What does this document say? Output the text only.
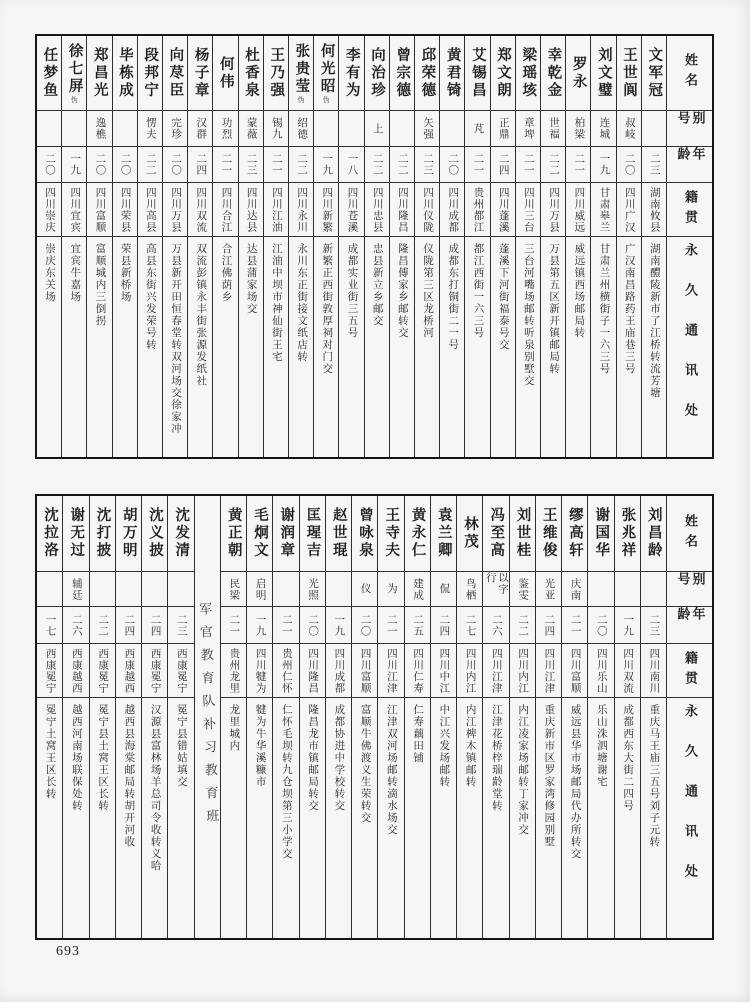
姓名
别号
年龄
籍贯
永久通讯处
文军冠
二三
湖南攸县
湖南醴陵新市了江桥转流芳塘
王世阆
叔岐
二〇
四川广汉
广汉南昌路药王庙巷三号
刘文璧
连城
一九
甘肃皋兰
甘肃兰州横街子一六三号
罗永
柏梁
二一
四川威远
威远镇西场邮局转
幸乾金
世福
二二
四川万县
万县第五区新开镇邮局转
梁瑶垓
章埤
二一
四川三台
三台河嘴场邮转听泉别墅交
郑文朗
正鼎
二四
四川蓬溪
蓬溪下河街福泰号交
艾锡昌
芃
二一
贵州都江
都江西街一六三号
黄君锜
二〇
四川成都
成都东打铜街二一号
邱荣德
矢强
二三
四川仪陇
仪陇第三区龙桥河
曾宗德
二二
四川隆昌
隆昌傅家乡邮转交
向治珍
上
二二
四川忠县
忠县新立乡邮交
李有为
一八
四川苍溪
成都实业街三五号
何光昭
伪
一九
四川新繁
新繁正西街敦厚祠对门交
张贵莹
伪
绍德
二二
四川永川
永川东正街接文纸店转
王乃强
锡九
二一
四川江油
江油中坝市神仙街王宅
杜香泉
蒙薇
二三
四川达县
达县蒲家场交
何伟
功烈
二一
四川合江
合江佛荫乡
杨子章
汉群
二四
四川双流
双流彭镇永丰街张源发纸社
向荩臣
完珍
二〇
四川万县
万县新开田恒春堂转双河场交徐家冲
段邦宁
愣夫
二二
四川高县
高县东街兴发荣号转
毕栋成
二〇
四川荣县
荣县新桥场
郑昌光
逸樵
二〇
四川富顺
富顺城内三倒拐
徐七屏
伪
一九
四川宜宾
宜宾牛嘉场
任梦鱼
二〇
四川崇庆
崇庆东关场
姓名
别号
年龄
籍贯
永久通讯处
刘昌龄
二三
四川南川
重庆马王庙三五号刘子元转
张兆祥
一九
四川双流
成都西东大街二四号
谢国华
二〇
四川乐山
乐山洙泗塘谢宅
缪高轩
庆南
二一
四川富顺
威远县华市场邮局代办所转交
王维俊
光亚
二四
四川江津
重庆新市区罗家湾修园别墅
刘世桂
鉴雯
二二
四川内江
内江凌家场邮转丁家冲交
冯至高
以字行
二六
四川江津
江津花桥梓瑞龄堂转
林茂
鸟栖
二七
四川内江
内江椑木镇邮转
袁兰卿
侃
二四
四川中江
中江兴发场邮转
黄永仁
建成
二五
四川仁寿
仁寿藕田铺
王寺夫
为
二一
四川江津
江津双河场邮转滴水场交
曾咏泉
仪
二〇
四川富顺
富顺牛佛渡义生荣转交
赵世琨
一九
四川成都
成都协进中学校转交
匡瑆吉
光照
二〇
四川隆昌
隆昌龙市镇邮局转交
谢润章
二一
贵州仁怀
仁怀毛坝转九仓坝第三小学交
毛炯文
启明
一九
四川犍为
犍为牛华溪糠市
黄正朝
民梁
二一
贵州龙里
龙里城内
军官教育队补习教育班
沈发清
二三
西康冕宁
冕宁县错姑填交
沈义披
二四
西康冕宁
汉源县富林场羊总司令收转义哈
胡万明
二四
西康越西
越西县海棠邮局转胡开河收
沈打披
二二
西康冕宁
冕宁县土窝王区长转
谢无过
辅廷
二六
西康越西
越西河南场联保处转
沈拉洛
一七
西康冕宁
冕宁土窝王区长转
693
